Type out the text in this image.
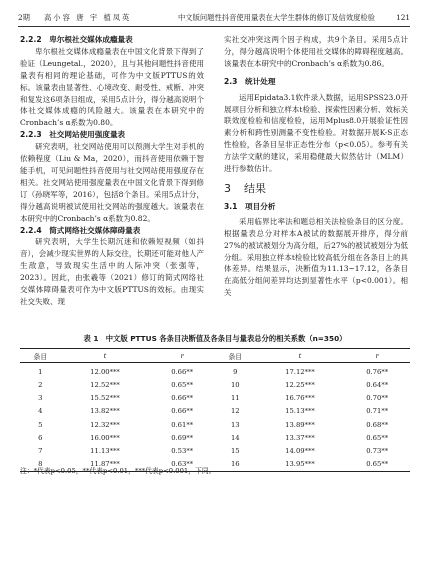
2期 高小容 唐 宇 植凤英	中文版问题性抖音使用量表在大学生群体的修订及信效度检验	121

2.2.2　卑尔根社交媒体成瘾量表

卑尔根社交媒体成瘾量表在中国文化背景下得到了验证（Leungetal.，2020），且与其他问题性抖音使用量表有相同的理论基础，可作为中文版PTTUS的效标。该量表由显著性、心境改变、耐受性、戒断、冲突和复发这6项条目组成，采用5点计分，得分越高说明个体社交媒体成瘾的风险越大。该量表在本研究中的Cronbach’s α系数为0.80。

2.2.3　社交网站使用强度量表

研究表明，社交网站使用可以预测大学生对手机的依赖程度（Liu & Ma，2020），而抖音使用依赖于智能手机，可见问题性抖音使用与社交网站使用强度存在相关。社交网站使用强度量表在中国文化背景下得到修订（孙晓军等，2016），包括8个条目。采用5点计分，得分越高说明被试使用社交网站的强度越大。该量表在本研究中的Cronbach’s α系数为0.82。

2.2.4　简式网络社交媒体障碍量表

研究表明，大学生长期沉迷和依赖短视频（如抖音），会减少现实世界的人际交往，长期还可能对他人产生敌意，导致现实生活中的人际冲突（张强等，2023）。因此，由张羲等（2021）修订的简式网络社交媒体障碍量表可作为中文版PTTUS的效标。由现实社交失败、现

实社交冲突这两个因子构成，共9个条目。采用5点计分，得分越高说明个体使用社交媒体的障碍程度越高。该量表在本研究中的Cronbach’s α系数为0.86。

2.3　统计处理

运用Epidata3.1软件录入数据，运用SPSS23.0开展项目分析和独立样本t检验、探索性因素分析、效标关联效度检验和信度检验，运用Mplus8.0开展验证性因素分析和跨性别测量不变性检验。对数据开展K-S正态性检验，各条目呈非正态性分布（p<0.05）。参考有关方法学文献的建议，采用稳健最大似然估计（MLM）进行参数估计。

3 结果

3.1　项目分析

采用临界比率法和题总相关法检验条目的区分度。根据量表总分对样本A被试的数据展开排序，得分前27%的被试被划分为高分组，后27%的被试被划分为低分组。采用独立样本t检验比较高低分组在各条目上的具体差异。结果显示，决断值为11.13~17.12，各条目在高低分组间差异均达到显著性水平（p<0.001）。相关

表 1　中文版 PTTUS 各条目决断值及各条目与量表总分的相关系数（n=350）
条目	t	r	条目	t	r
1	12.00***	0.66**	9	17.12***	0.76**
2	12.52***	0.65**	10	12.25***	0.64**
3	15.52***	0.66**	11	16.76***	0.70**
4	13.82***	0.66**	12	15.13***	0.71**
5	12.32***	0.61**	13	13.89***	0.68**
6	16.00***	0.69**	14	13.37***	0.65**
7	11.13***	0.53**	15	14.09***	0.73**
8	11.87***	0.63**	16	13.95***	0.65**
注：*代表p<0.05，**代表p<0.01，***代表p<0.001，下同。
